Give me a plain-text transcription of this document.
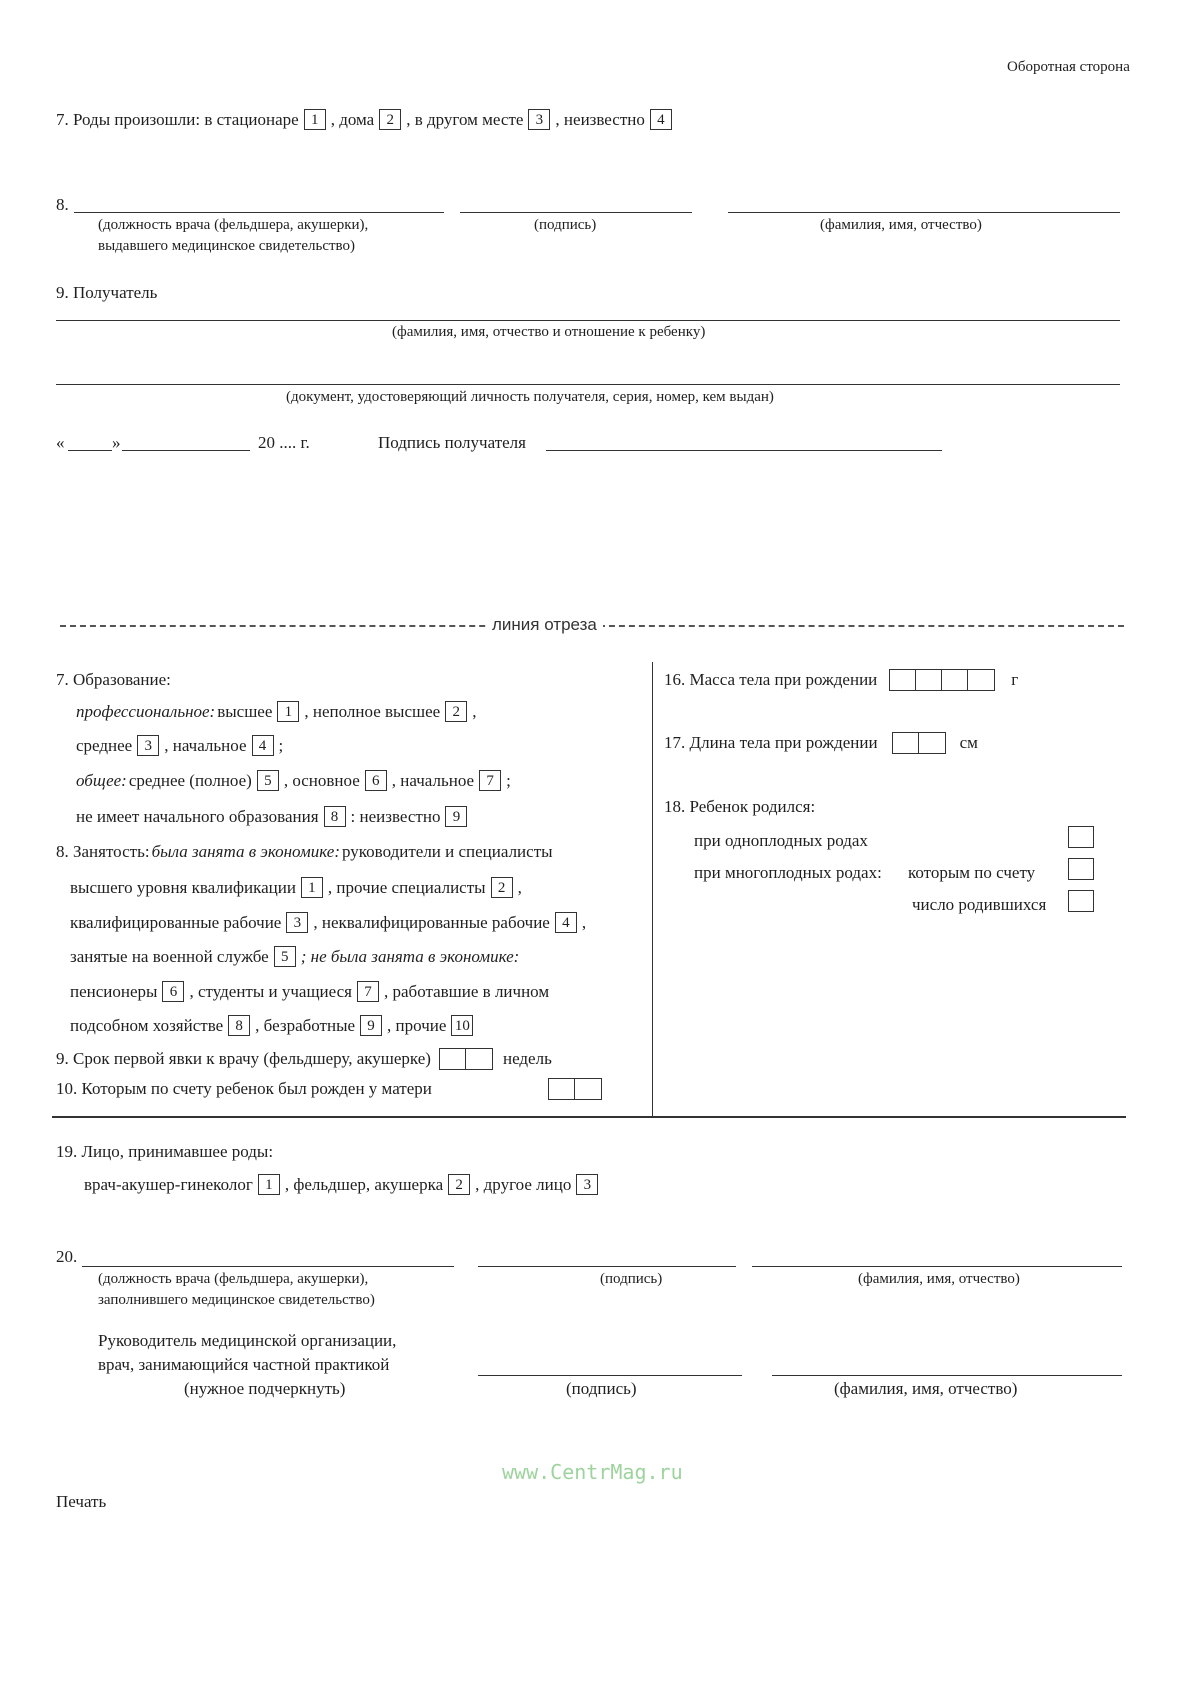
Оборотная сторона
7. Роды произошли: в стационаре 1 , дома 2 , в другом месте 3 , неизвестно 4
8.
(должность врача (фельдшера, акушерки),
выдавшего медицинское свидетельство)
(подпись)	(фамилия, имя, отчество)
9. Получатель
(фамилия, имя, отчество и отношение к ребенку)
(документ, удостоверяющий личность получателя, серия, номер, кем выдан)
«	»	20 .... г.	Подпись получателя
линия отреза
7. Образование:
профессиональное: высшее 1 , неполное высшее 2 ,
среднее 3 , начальное 4 ;
общее: среднее (полное) 5 , основное 6 , начальное 7 ;
не имеет начального образования 8 : неизвестно 9
8. Занятость: была занята в экономике: руководители и специалисты
высшего уровня квалификации 1 , прочие специалисты 2 ,
квалифицированные рабочие 3 , неквалифицированные рабочие 4 ,
занятые на военной службе 5 ; не была занята в экономике:
пенсионеры 6 , студенты и учащиеся 7 , работавшие в личном
подсобном хозяйстве 8 , безработные 9 , прочие 10
9. Срок первой явки к врачу (фельдшеру, акушерке)	недель
10. Которым по счету ребенок был рожден у матери
16. Масса тела при рождении	г
17. Длина тела при рождении	см
18. Ребенок родился:
при одноплодных родах
при многоплодных родах: которым по счету
число родившихся
19. Лицо, принимавшее роды:
врач-акушер-гинеколог 1 , фельдшер, акушерка 2 , другое лицо 3
20.
(должность врача (фельдшера, акушерки),
заполнившего медицинское свидетельство)
(подпись)	(фамилия, имя, отчество)
Руководитель медицинской организации,
врач, занимающийся частной практикой
(нужное подчеркнуть)	(подпись)	(фамилия, имя, отчество)
www.CentrMag.ru
Печать
